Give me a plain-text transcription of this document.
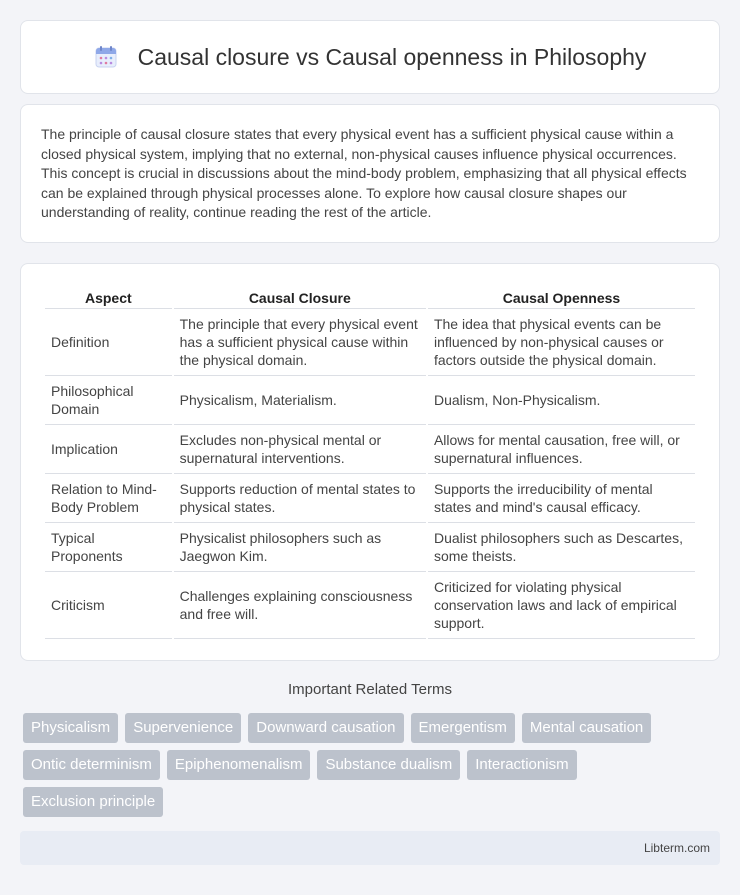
Causal closure vs Causal openness in Philosophy

The principle of causal closure states that every physical event has a sufficient physical cause within a closed physical system, implying that no external, non-physical causes influence physical occurrences. This concept is crucial in discussions about the mind-body problem, emphasizing that all physical effects can be explained through physical processes alone. To explore how causal closure shapes our understanding of reality, continue reading the rest of the article.

Aspect	Causal Closure	Causal Openness
Definition	The principle that every physical event has a sufficient physical cause within the physical domain.	The idea that physical events can be influenced by non-physical causes or factors outside the physical domain.
Philosophical Domain	Physicalism, Materialism.	Dualism, Non-Physicalism.
Implication	Excludes non-physical mental or supernatural interventions.	Allows for mental causation, free will, or supernatural influences.
Relation to Mind-Body Problem	Supports reduction of mental states to physical states.	Supports the irreducibility of mental states and mind's causal efficacy.
Typical Proponents	Physicalist philosophers such as Jaegwon Kim.	Dualist philosophers such as Descartes, some theists.
Criticism	Challenges explaining consciousness and free will.	Criticized for violating physical conservation laws and lack of empirical support.
Important Related Terms
Physicalism	Supervenience	Downward causation	Emergentism	Mental causation
Ontic determinism	Epiphenomenalism	Substance dualism	Interactionism
Exclusion principle
Libterm.com
